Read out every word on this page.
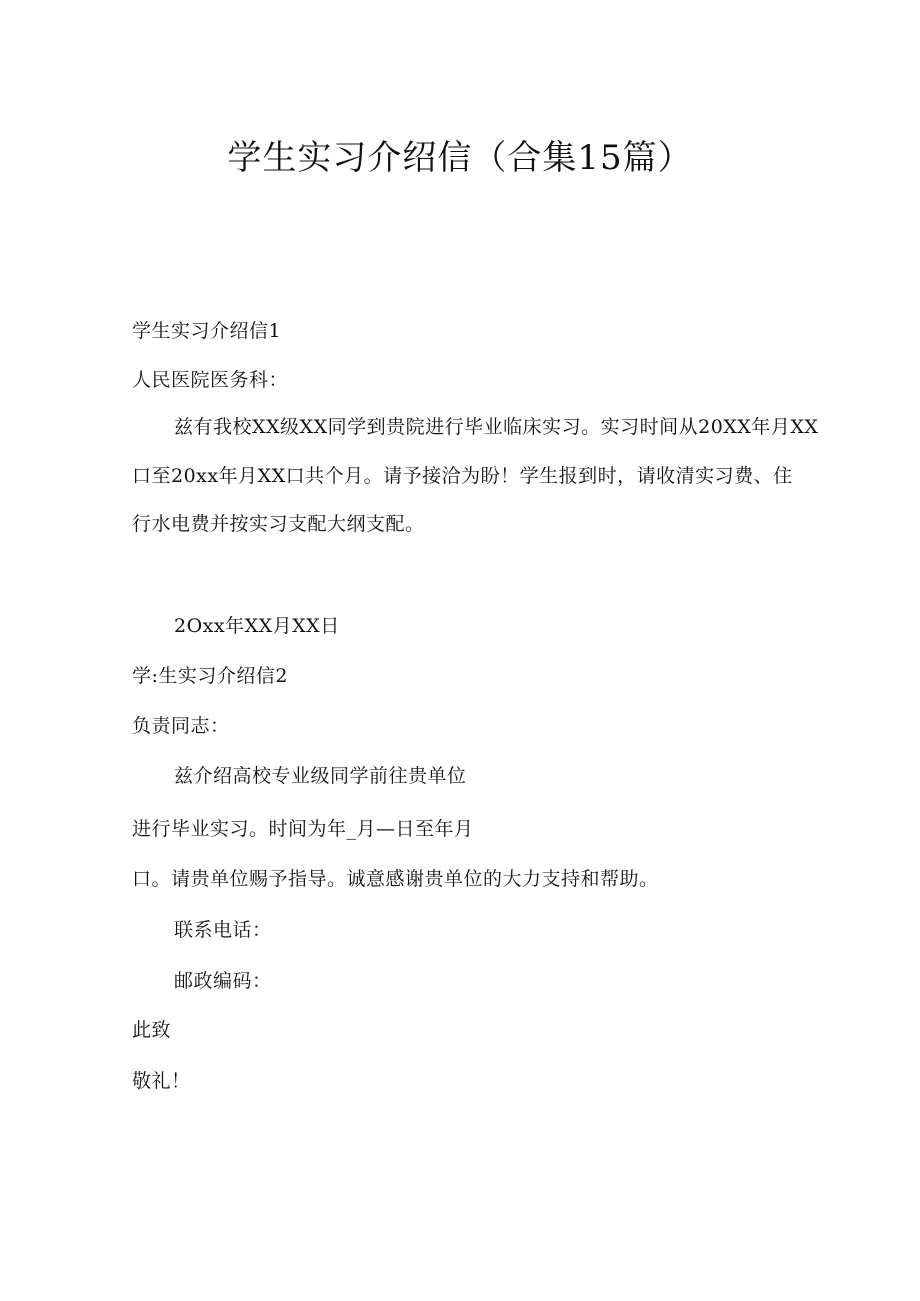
学生实习介绍信（合集15篇）
学生实习介绍信1
人民医院医务科：
兹有我校XX级XX同学到贵院进行毕业临床实习。实习时间从20XX年月XX
口至20xx年月XX口共个月。请予接洽为盼！学生报到时，请收清实习费、住
行水电费并按实习支配大纲支配。
2Oxx年XX月XX日
学:生实习介绍信2
负责同志：
兹介绍高校专业级同学前往贵单位
进行毕业实习。时间为年_月—日至年月
口。请贵单位赐予指导。诚意感谢贵单位的大力支持和帮助。
联系电话：
邮政编码：
此致
敬礼！
